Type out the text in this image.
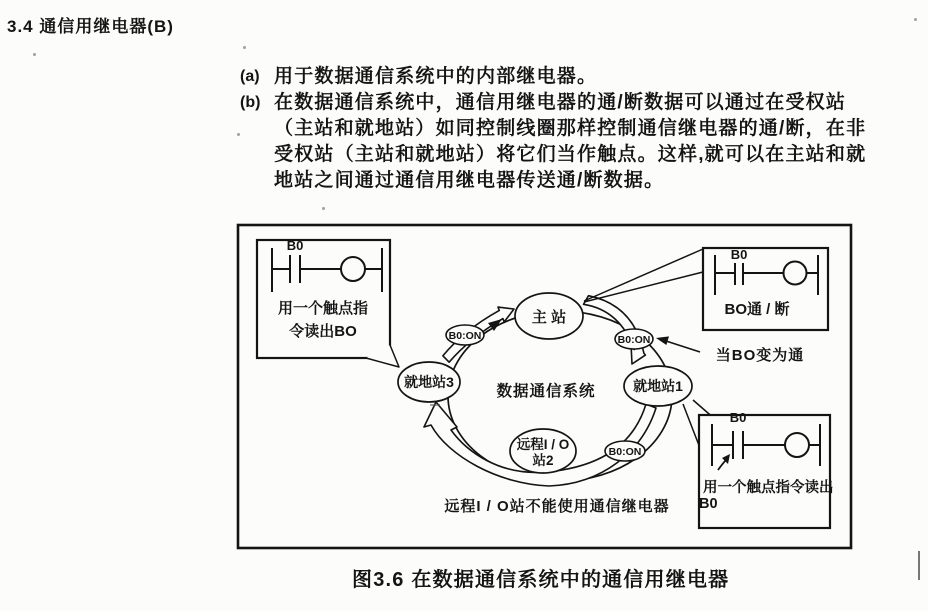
3.4 通信用继电器(B)
(a) 用于数据通信系统中的内部继电器。
(b) 在数据通信系统中，通信用继电器的通/断数据可以通过在受权站
（主站和就地站）如同控制线圈那样控制通信继电器的通/断，在非
受权站（主站和就地站）将它们当作触点。这样,就可以在主站和就
地站之间通过通信用继电器传送通/断数据。
主 站
就地站3	就地站1
远程I / O
站2
B0:ON	B0:ON
B0:ON
数据通信系统
远程I / O站不能使用通信继电器
当BO变为通
B0
用一个触点指
令读出BO
B0
BO通 / 断
B0
用一个触点指令读出
B0
图3.6 在数据通信系统中的通信用继电器
